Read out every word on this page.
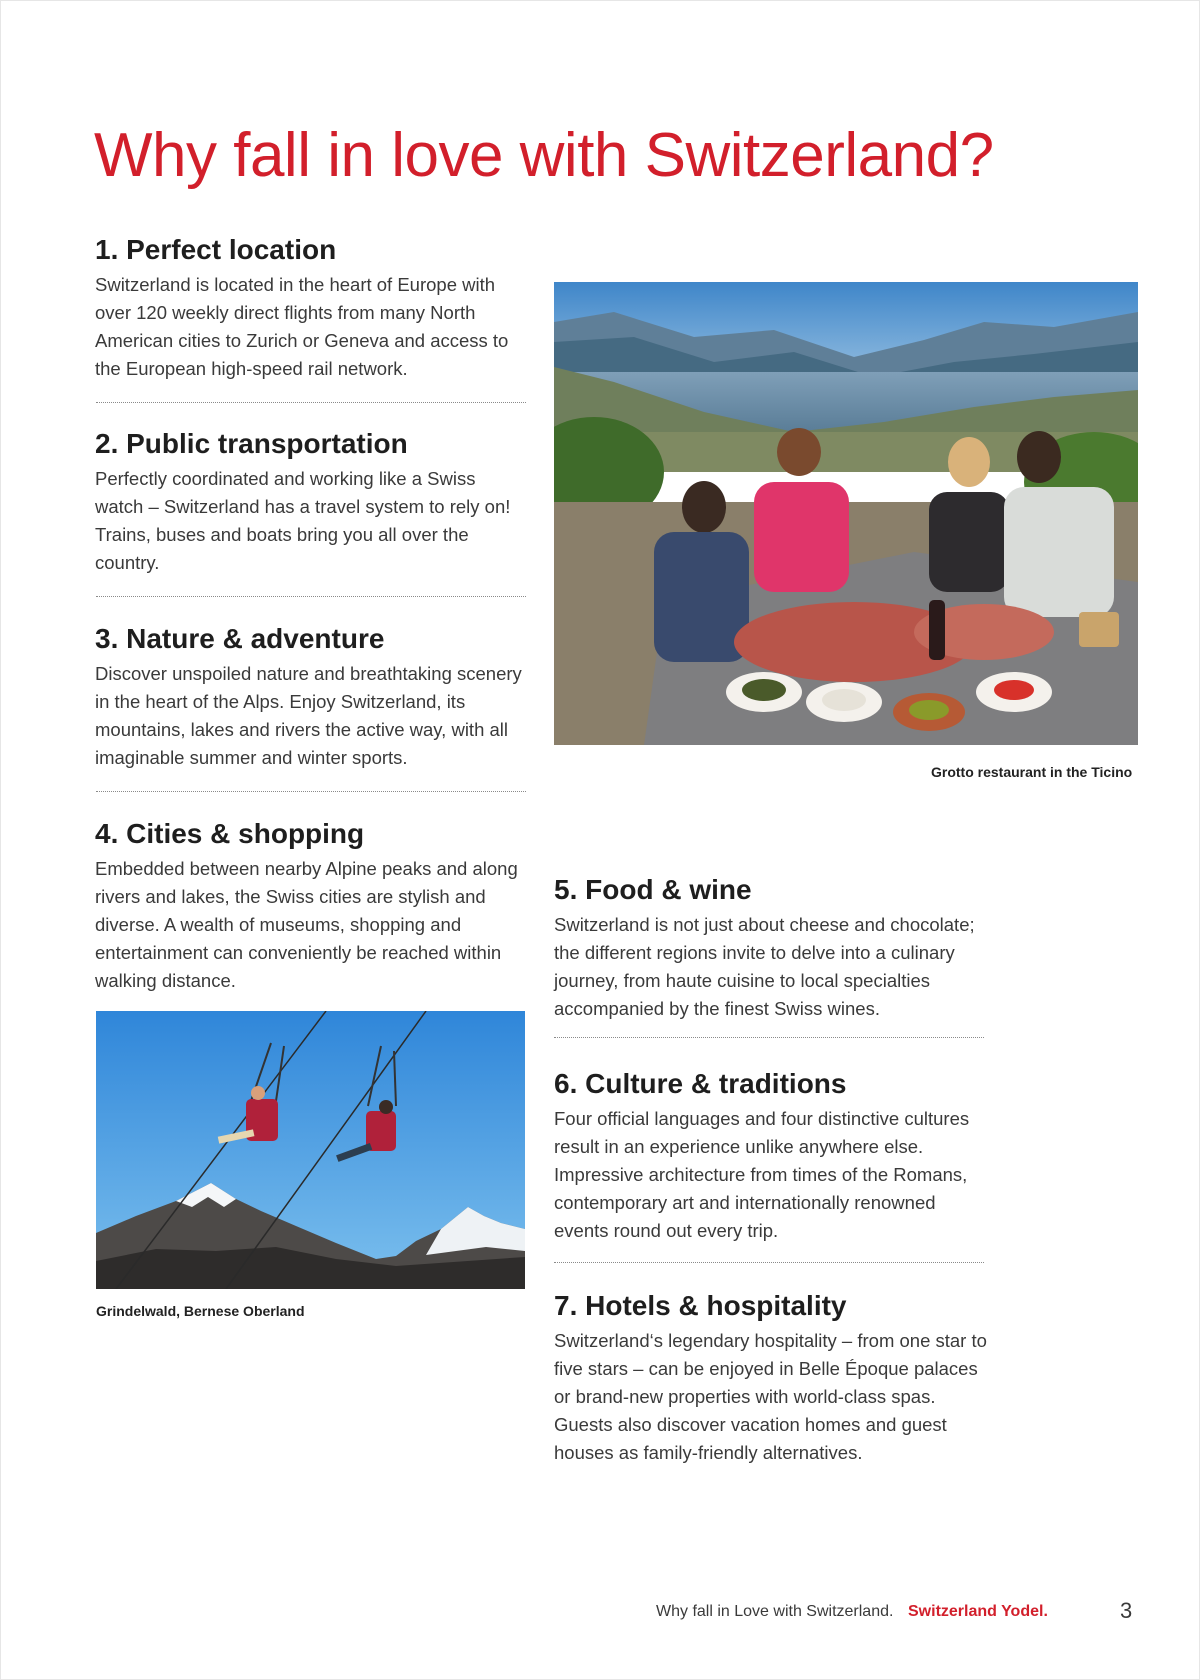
Why fall in love with Switzerland?
1. Perfect location

Switzerland is located in the heart of Europe with over 120 weekly direct flights from many North American cities to Zurich or Geneva and access to the European high-speed rail network.

2. Public transportation

Perfectly coordinated and working like a Swiss watch – Switzerland has a travel system to rely on! Trains, buses and boats bring you all over the country.

3. Nature & adventure

Discover unspoiled nature and breathtaking scenery in the heart of the Alps. Enjoy Switzerland, its mountains, lakes and rivers the active way, with all imaginable summer and winter sports.

4. Cities & shopping

Embedded between nearby Alpine peaks and along rivers and lakes, the Swiss cities are stylish and diverse. A wealth of museums, shopping and entertainment can conveniently be reached within walking distance.

Grindelwald, Bernese Oberland
Grotto restaurant in the Ticino
5. Food & wine

Switzerland is not just about cheese and chocolate; the different regions invite to delve into a culinary journey, from haute cuisine to local specialties accompanied by the finest Swiss wines.

6. Culture & traditions

Four official languages and four distinctive cultures result in an experience unlike anywhere else. Impressive architecture from times of the Romans, contemporary art and internationally renowned events round out every trip.

7. Hotels & hospitality

Switzerland‘s legendary hospitality – from one star to five stars – can be enjoyed in Belle Époque palaces or brand-new properties with world-class spas. Guests also discover vacation homes and guest houses as family-friendly alternatives.

Why fall in Love with Switzerland. Switzerland Yodel.	3
